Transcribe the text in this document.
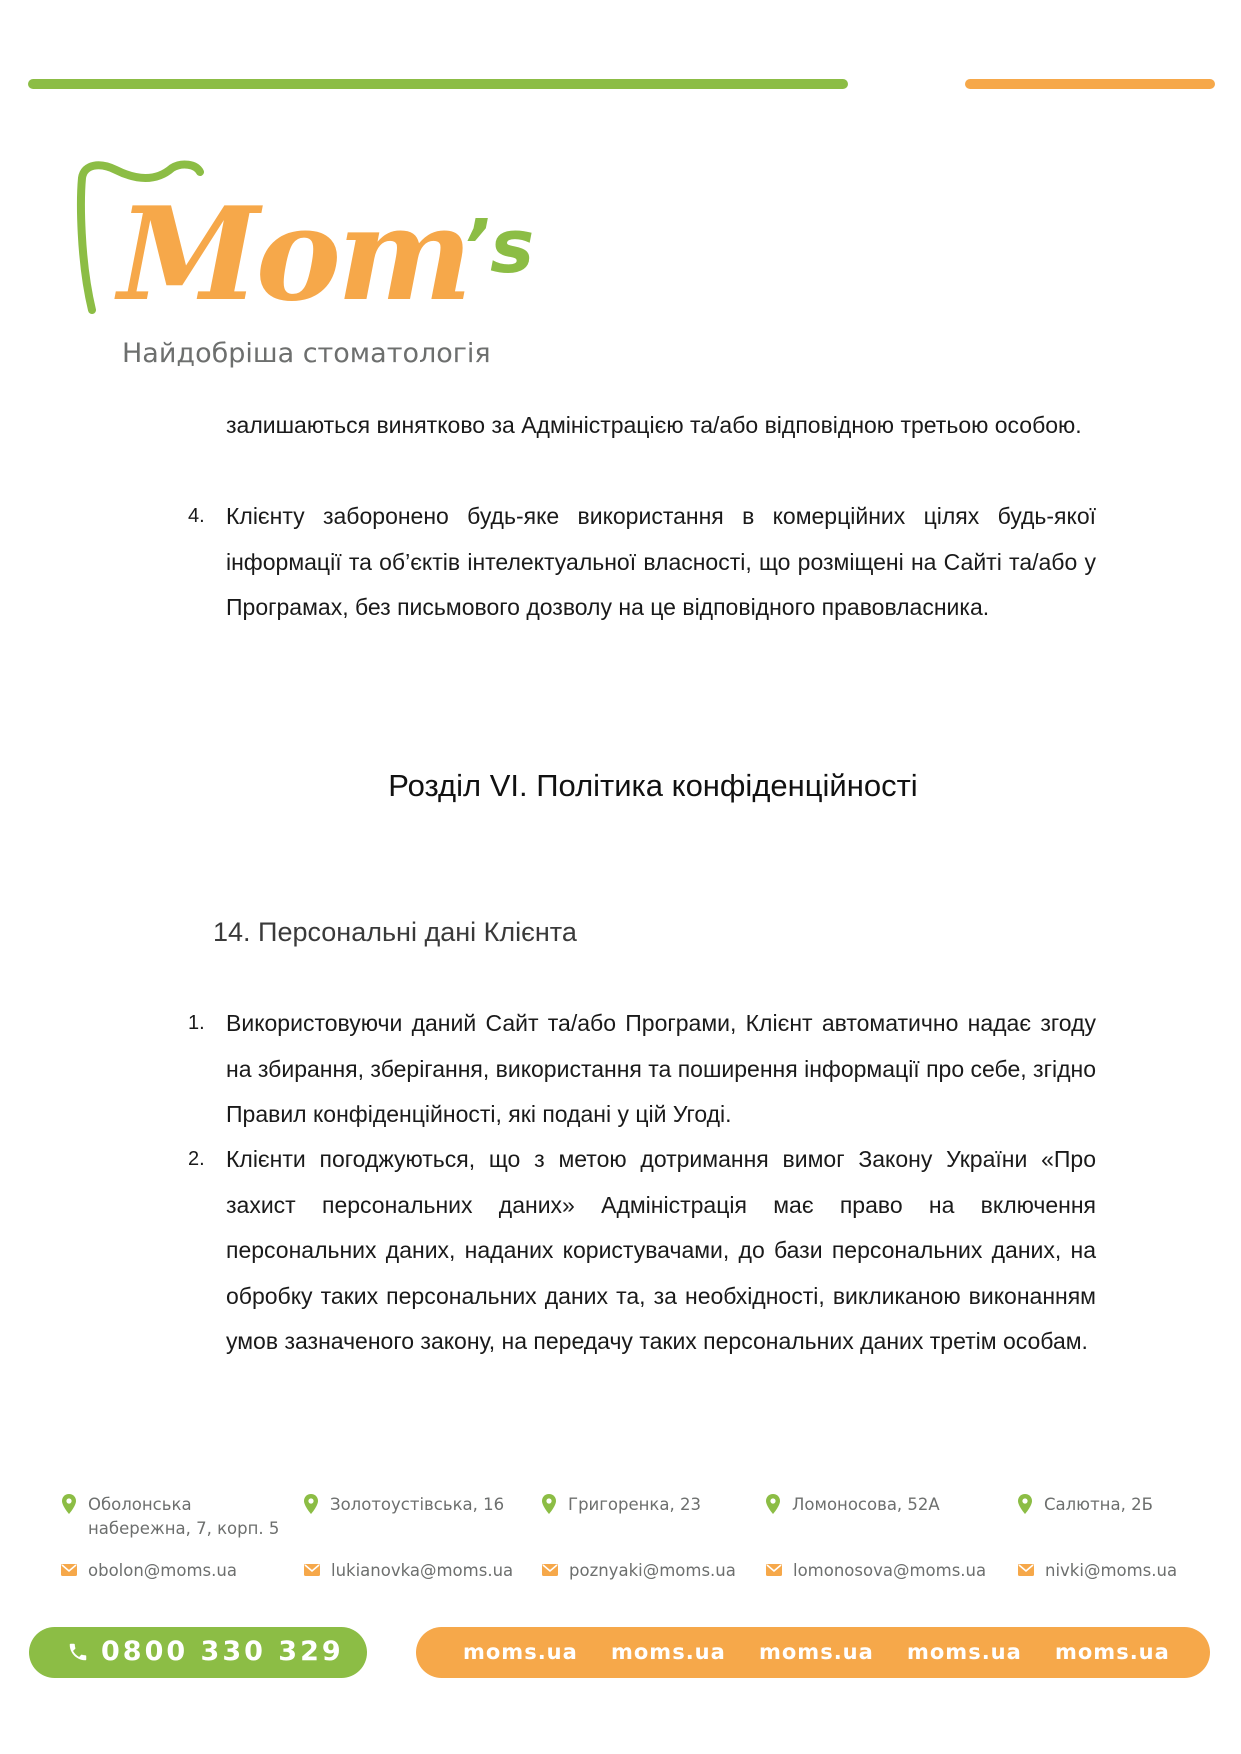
Mom
’s
Найдобріша стоматологія

залишаються винятково за Адміністрацією та/або відповідною третьою особою.

4. Клієнту заборонено будь-яке використання в комерційних цілях будь-якої інформації та об’єктів інтелектуальної власності, що розміщені на Сайті та/або у Програмах, без письмового дозволу на це відповідного правовласника.

Розділ VI. Політика конфіденційності
14. Персональні дані Клієнта
1. Використовуючи даний Сайт та/або Програми, Клієнт автоматично надає згоду на збирання, зберігання, використання та поширення інформації про себе, згідно Правил конфіденційності, які подані у цій Угоді.

2. Клієнти погоджуються, що з метою дотримання вимог Закону України «Про захист персональних даних» Адміністрація має право на включення персональних даних, наданих користувачами, до бази персональних даних, на обробку таких персональних даних та, за необхідності, викликаною виконанням умов зазначеного закону, на передачу таких персональних даних третім особам.

Оболонська
набережна, 7, корп. 5
Золотоустівська, 16	Григоренка, 23	Ломоносова, 52А	Салютна, 2Б
obolon@moms.ua	lukianovka@moms.ua	poznyaki@moms.ua	lomonosova@moms.ua	nivki@moms.ua
0800 330 329	moms.ua moms.ua moms.ua moms.ua moms.ua
